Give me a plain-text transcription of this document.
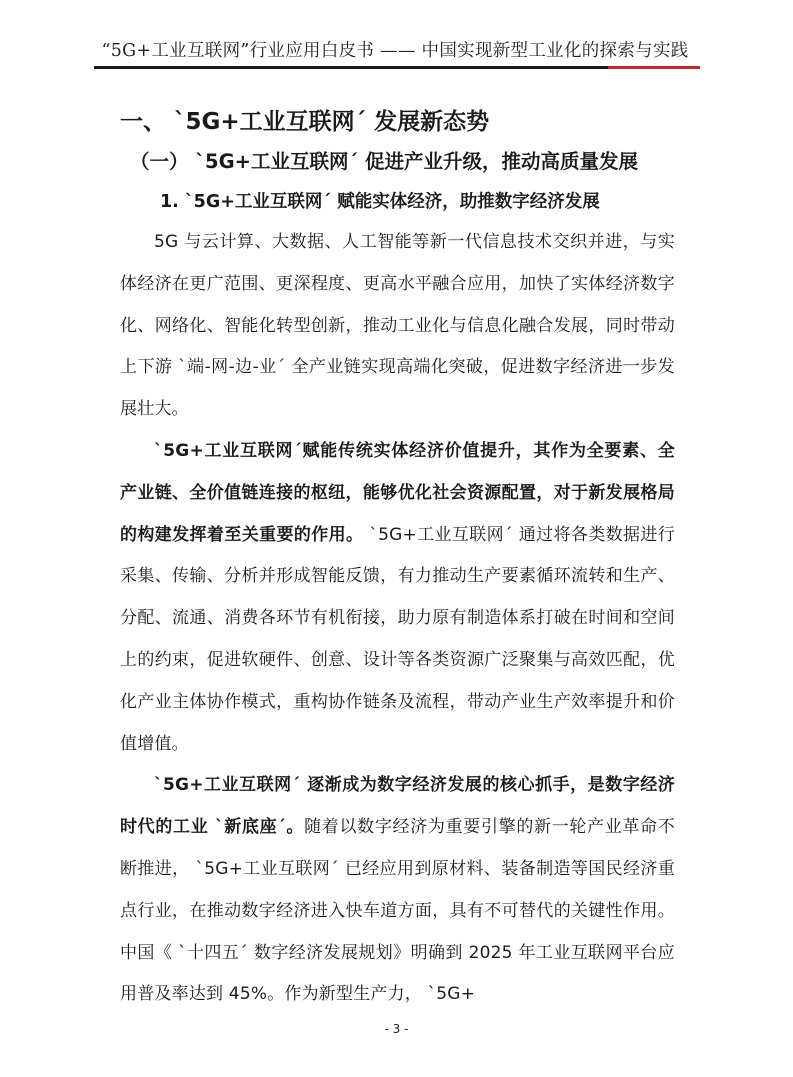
“5G+工业互联网”行业应用白皮书 —— 中国实现新型工业化的探索与实践
一、 ˋ5G+工业互联网ˊ 发展新态势
（一） ˋ5G+工业互联网ˊ 促进产业升级，推动高质量发展
1. ˋ5G+工业互联网ˊ 赋能实体经济，助推数字经济发展

5G 与云计算、大数据、人工智能等新一代信息技术交织并进，与实体经济在更广范围、更深程度、更高水平融合应用，加快了实体经济数字化、网络化、智能化转型创新，推动工业化与信息化融合发展，同时带动上下游 ˋ端-网-边-业ˊ 全产业链实现高端化突破，促进数字经济进一步发展壮大。

ˋ5G+工业互联网ˊ赋能传统实体经济价值提升，其作为全要素、全产业链、全价值链连接的枢纽，能够优化社会资源配置，对于新发展格局的构建发挥着至关重要的作用。 ˋ5G+工业互联网ˊ 通过将各类数据进行采集、传输、分析并形成智能反馈，有力推动生产要素循环流转和生产、分配、流通、消费各环节有机衔接，助力原有制造体系打破在时间和空间上的约束，促进软硬件、创意、设计等各类资源广泛聚集与高效匹配，优化产业主体协作模式，重构协作链条及流程，带动产业生产效率提升和价值增值。

ˋ5G+工业互联网ˊ 逐渐成为数字经济发展的核心抓手，是数字经济时代的工业 ˋ新底座ˊ。随着以数字经济为重要引擎的新一轮产业革命不断推进， ˋ5G+工业互联网ˊ 已经应用到原材料、装备制造等国民经济重点行业，在推动数字经济进入快车道方面，具有不可替代的关键性作用。中国《 ˋ十四五ˊ 数字经济发展规划》明确到 2025 年工业互联网平台应用普及率达到 45%。作为新型生产力， ˋ5G+

- 3 -
